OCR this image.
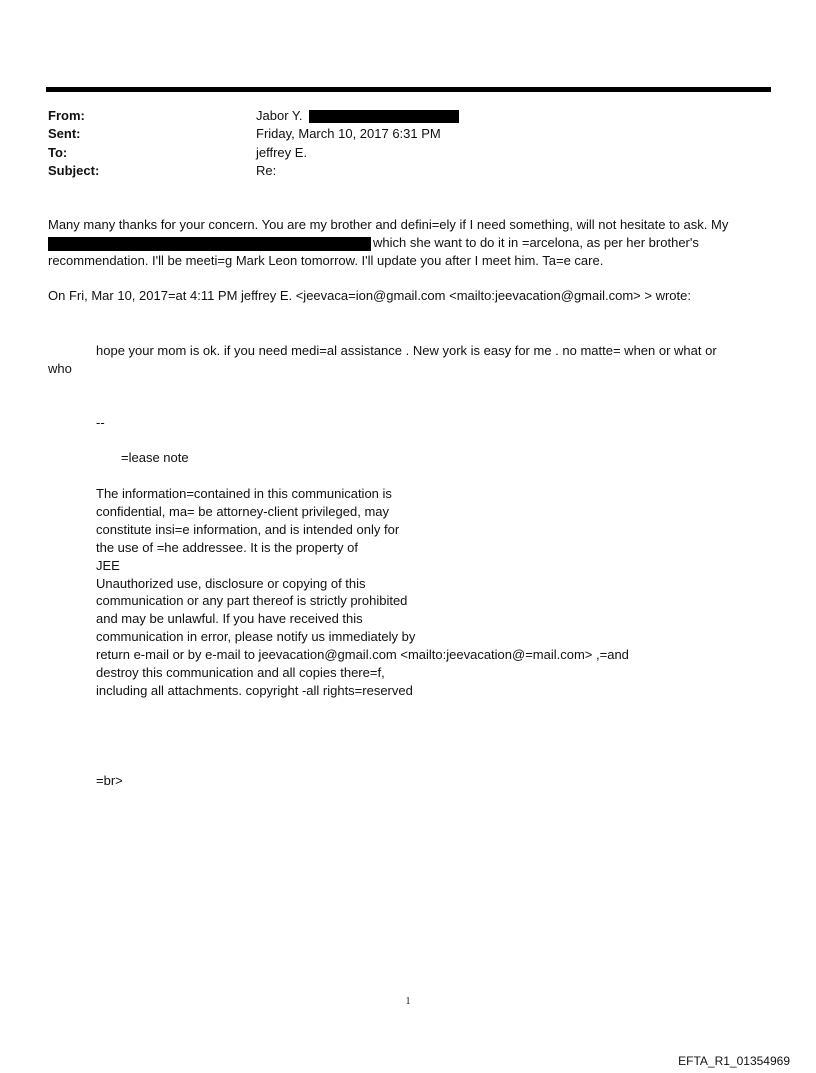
From:	Jabor Y.
Sent:	Friday, March 10, 2017 6:31 PM
To:	jeffrey E.
Subject:	Re:
Many many thanks for your concern. You are my brother and defini=ely if I need something, will not hesitate to ask. My
which she want to do it in =arcelona, as per her brother's
recommendation. I'll be meeti=g Mark Leon tomorrow. I'll update you after I meet him. Ta=e care.
On Fri, Mar 10, 2017=at 4:11 PM jeffrey E. <jeevaca=ion@gmail.com <mailto:jeevacation@gmail.com> > wrote:
hope your mom is ok. if you need medi=al assistance . New york is easy for me . no matte= when or what or
who
--
=lease note
The information=contained in this communication is
confidential, ma= be attorney-client privileged, may
constitute insi=e information, and is intended only for
the use of =he addressee. It is the property of
JEE
Unauthorized use, disclosure or copying of this
communication or any part thereof is strictly prohibited
and may be unlawful. If you have received this
communication in error, please notify us immediately by
return e-mail or by e-mail to jeevacation@gmail.com <mailto:jeevacation@=mail.com> ,=and
destroy this communication and all copies there=f,
including all attachments. copyright -all rights=reserved
=br>
1
EFTA_R1_01354969
